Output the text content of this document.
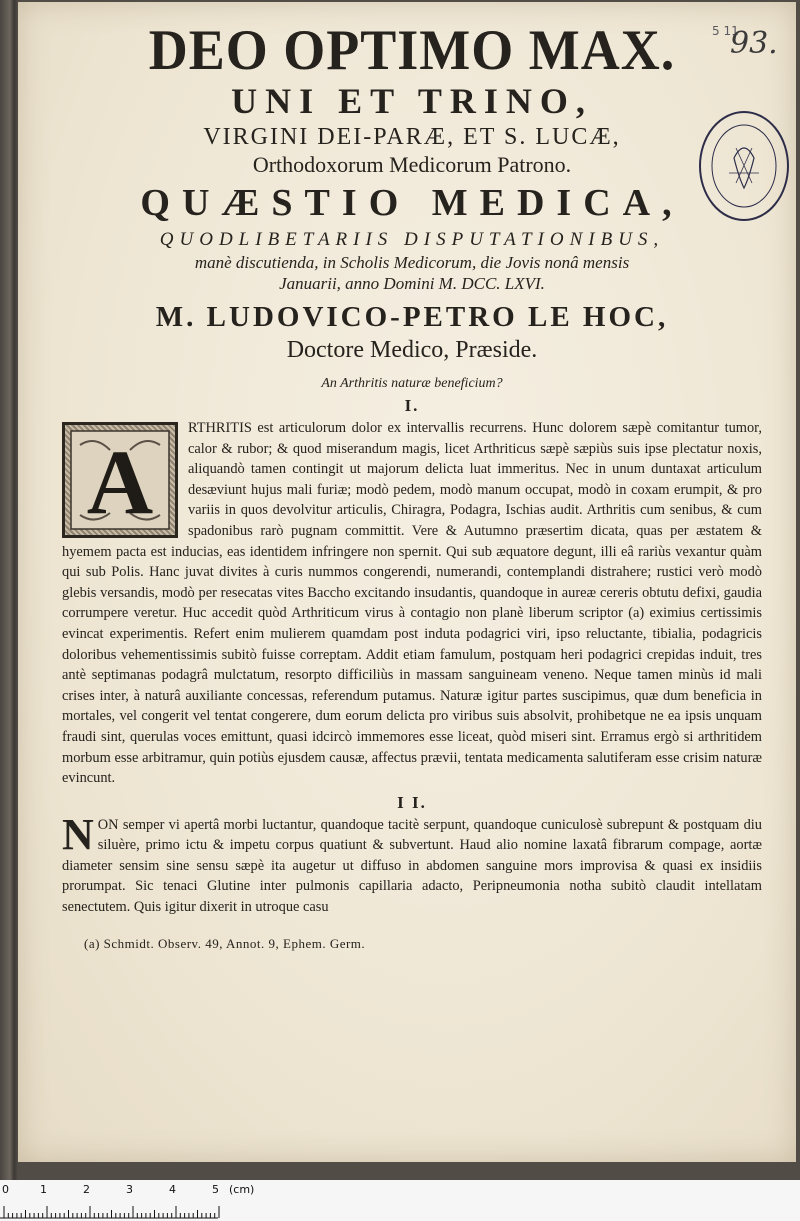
5 11
93.

DEO OPTIMO MAX.

UNI ET TRINO,

VIRGINI DEI-PARÆ, ET S. LUCÆ,

Orthodoxorum Medicorum Patrono.

QUÆSTIO MEDICA,

QUODLIBETARIIS DISPUTATIONIBUS,

manè discutienda, in Scholis Medicorum, die Jovis nonâ mensis

Januarii, anno Domini M. DCC. LXVI.

M. LUDOVICO-PETRO LE HOC,

Doctore Medico, Præside.

An Arthritis naturæ beneficium?

I.

A

RTHRITIS est articulorum dolor ex intervallis recurrens. Hunc dolorem sæpè comitantur tumor, calor & rubor; & quod miserandum magis, licet Arthriticus sæpè sæpiùs suis ipse plectatur noxis, aliquandò tamen contingit ut majorum delicta luat immeritus. Nec in unum duntaxat articulum desæviunt hujus mali furiæ; modò pedem, modò manum occupat, modò in coxam erumpit, & pro variis in quos devolvitur articulis, Chiragra, Podagra, Ischias audit. Arthritis cum senibus, & cum spadonibus rarò pugnam committit. Vere & Autumno præsertim dicata, quas per æstatem & hyemem pacta est inducias, eas identidem infringere non spernit. Qui sub æquatore degunt, illi eâ rariùs vexantur quàm qui sub Polis. Hanc juvat divites à curis nummos congerendi, numerandi, contemplandi distrahere; rustici verò modò glebis versandis, modò per resecatas vites Baccho excitando insudantis, quandoque in aureæ cereris obtutu defixi, gaudia corrumpere veretur. Huc accedit quòd Arthriticum virus à contagio non planè liberum scriptor (a) eximius certissimis evincat experimentis. Refert enim mulierem quamdam post induta podagrici viri, ipso reluctante, tibialia, podagricis doloribus vehementissimis subitò fuisse correptam. Addit etiam famulum, postquam heri podagrici crepidas induit, tres antè septimanas podagrâ mulctatum, resorpto difficiliùs in massam sanguineam veneno. Neque tamen minùs id mali crises inter, à naturâ auxiliante concessas, referendum putamus. Naturæ igitur partes suscipimus, quæ dum beneficia in mortales, vel congerit vel tentat congerere, dum eorum delicta pro viribus suis absolvit, prohibetque ne ea ipsis unquam fraudi sint, querulas voces emittunt, quasi idcircò immemores esse liceat, quòd miseri sint. Erramus ergò si arthritidem morbum esse arbitramur, quin potiùs ejusdem causæ, affectus prævii, tentata medicamenta salutiferam esse crisim naturæ evincunt.

I I.

N ON semper vi apertâ morbi luctantur, quandoque tacitè serpunt, quandoque cuniculosè subrepunt & postquam diu siluère, primo ictu & impetu corpus quatiunt & subvertunt. Haud alio nomine laxatâ fibrarum compage, aortæ diameter sensim sine sensu sæpè ita augetur ut diffuso in abdomen sanguine mors improvisa & quasi ex insidiis prorumpat. Sic tenaci Glutine inter pulmonis capillaria adacto, Peripneumonia notha subitò claudit intellatam senectutem. Quis igitur dixerit in utroque casu

(a) Schmidt. Observ. 49, Annot. 9, Ephem. Germ.

0	1	2	3	4	5 (cm)
